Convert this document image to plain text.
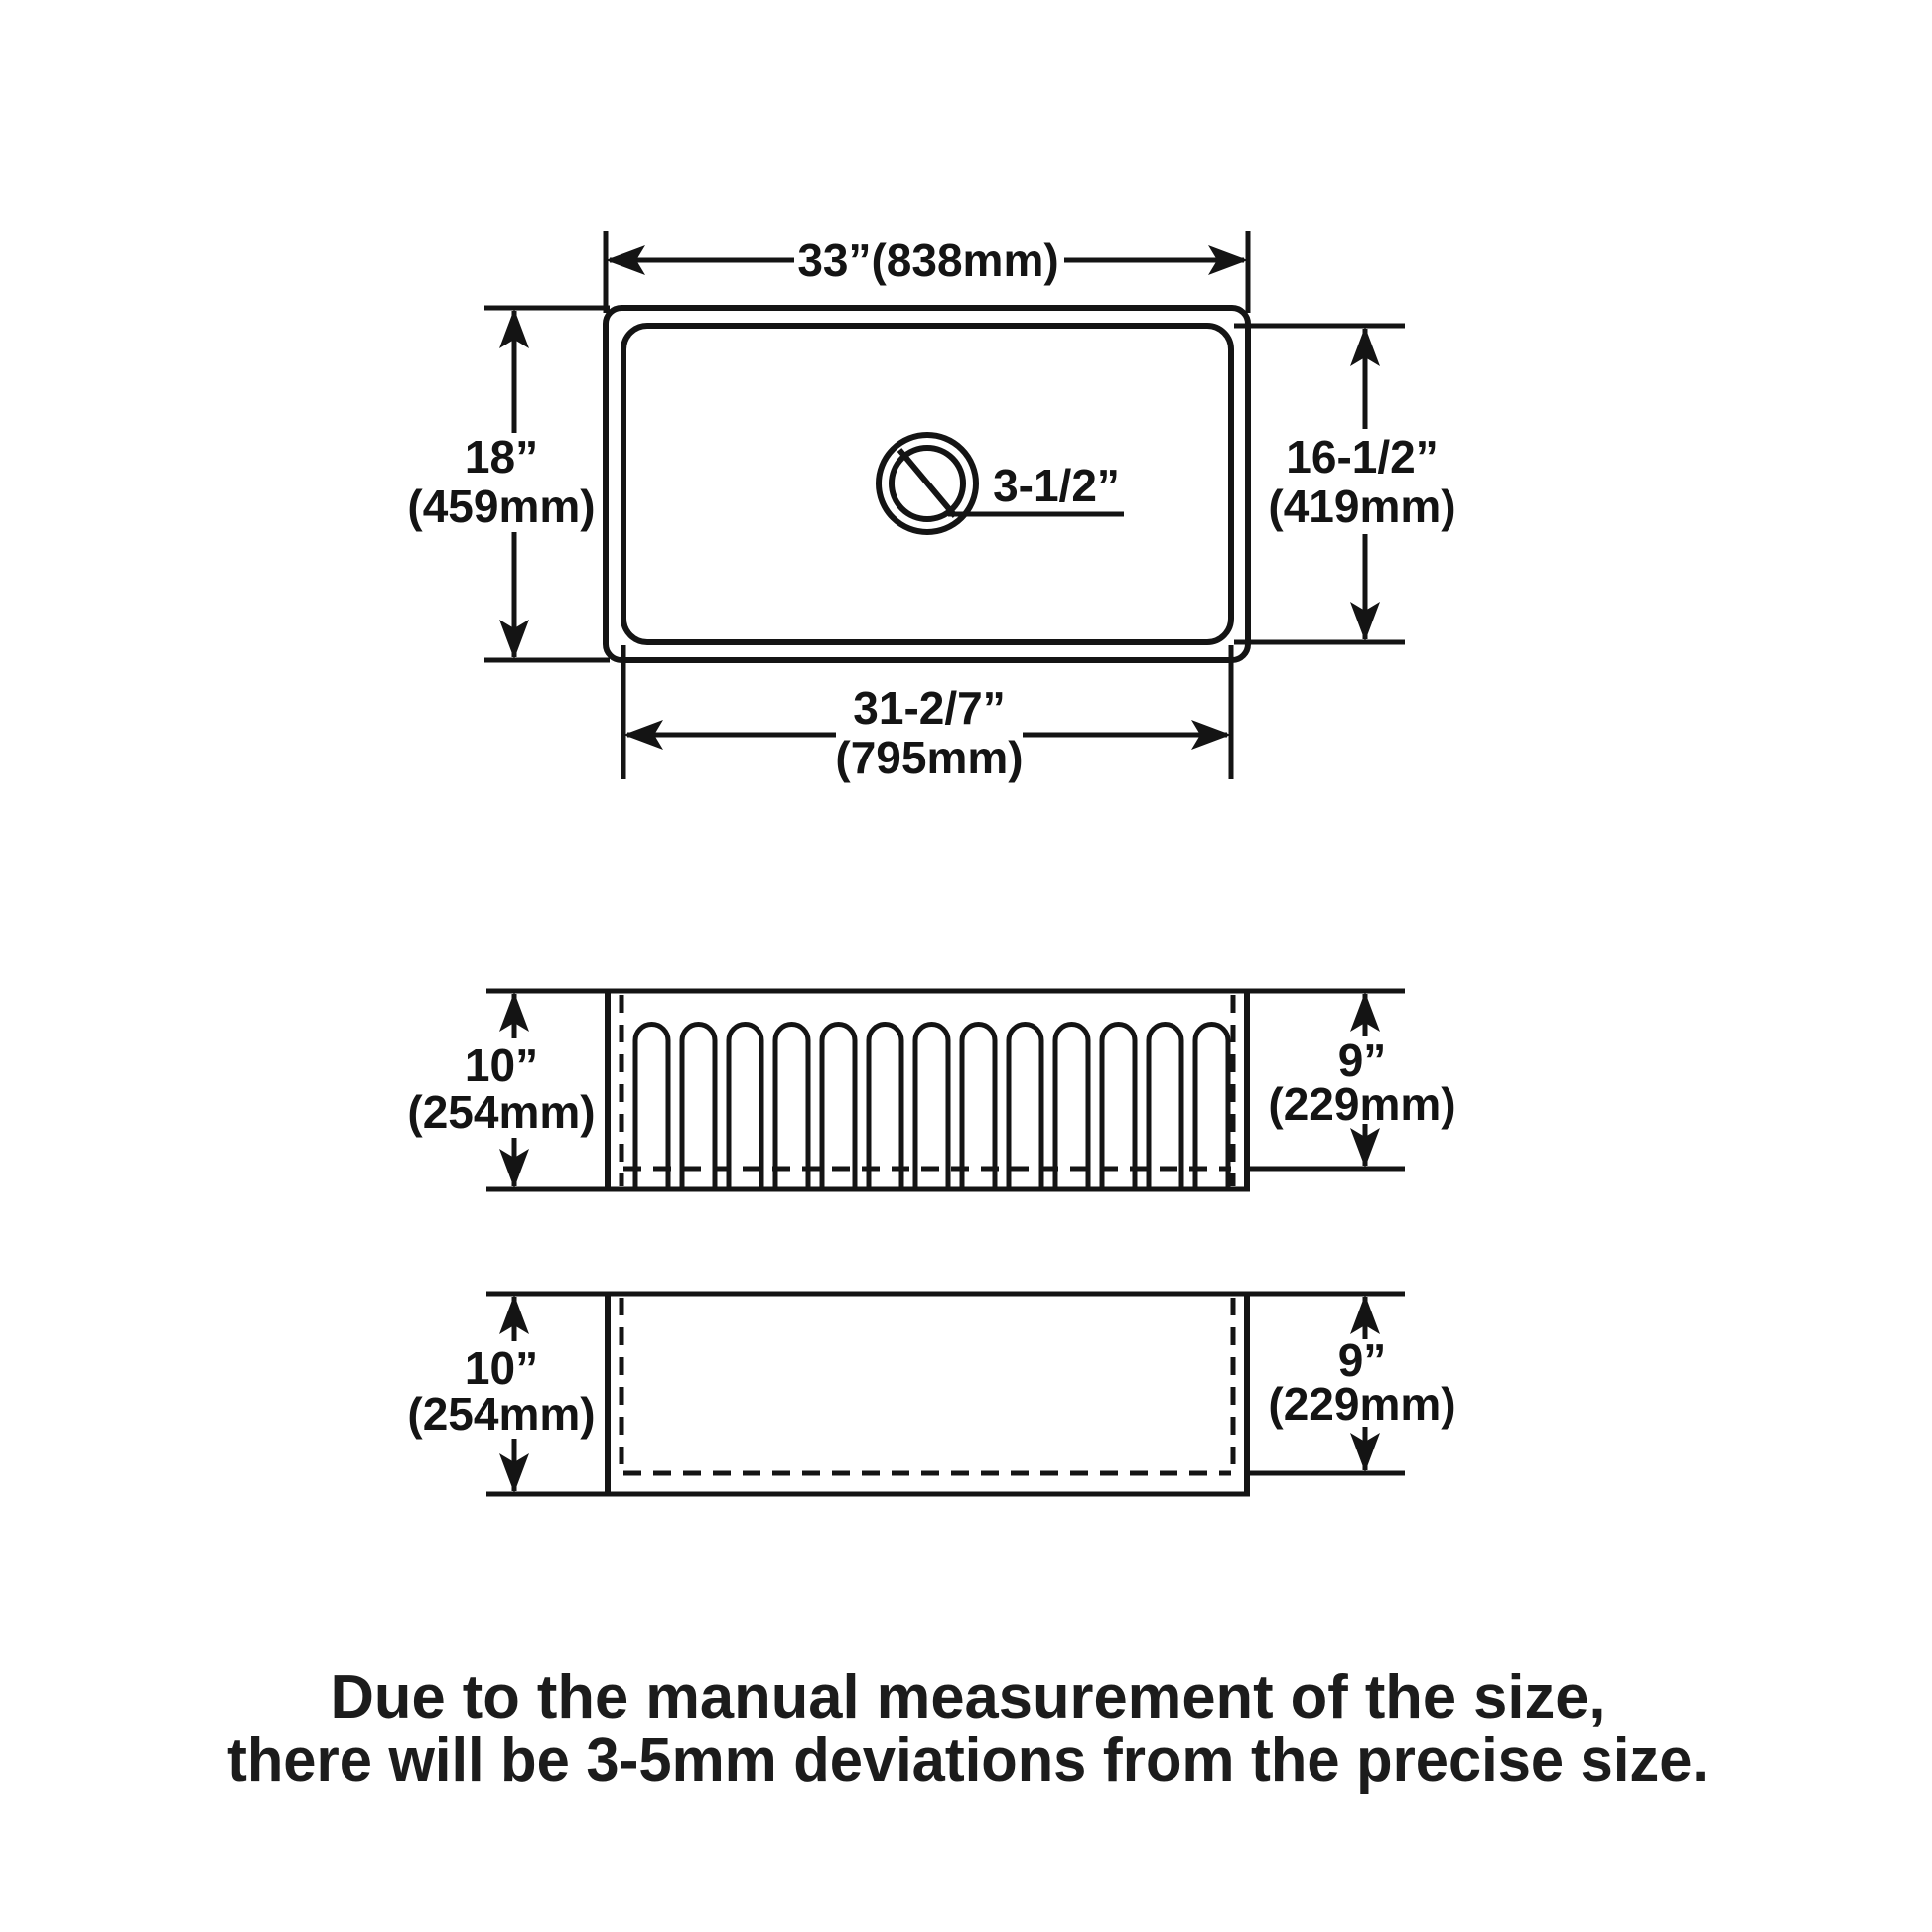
33”(838mm)
18”
(459mm)
16-1/2”
(419mm)
3-1/2”
31-2/7”
(795mm)
10”
(254mm)
9”
(229mm)
10”
(254mm)
9”
(229mm)
Due to the manual measurement of the size,
there will be 3-5mm deviations from the precise size.
